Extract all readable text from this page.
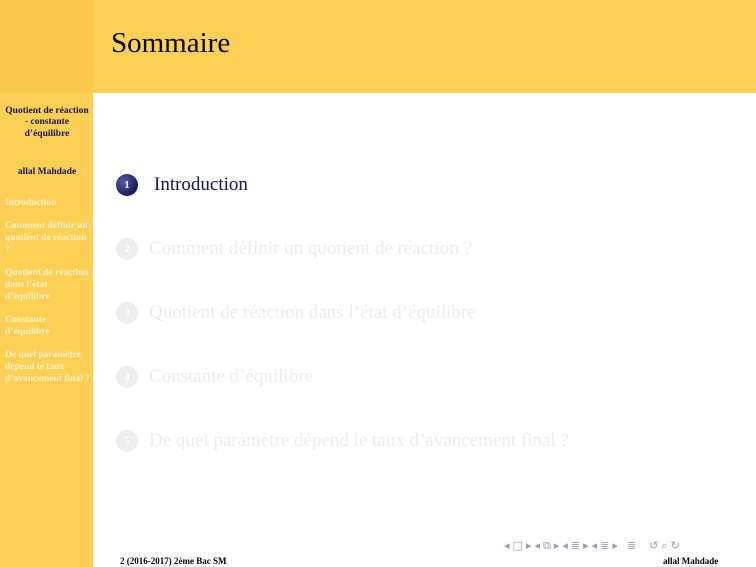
Sommaire
Quotient de réaction - constante d’équilibre
allal Mahdade
Introduction
Comment définir un quotient de réaction ?
Quotient de réaction dans l’état d’équilibre
Constante d’équilibre
De quel paramètre dépend le taux d’avancement final ?
1	Introduction
2	Comment définir un quotient de réaction ?
3	Quotient de réaction dans l’état d’équilibre
4	Constante d’équilibre
5	De quel paramètre dépend le taux d’avancement final ?
◂ □ ▸ ◂ ⧉ ▸ ◂ ≣ ▸ ◂ ≣ ▸ ≣ ↺ ⌕ ↻
2 (2016-2017) 2ème Bac SM	allal Mahdade
